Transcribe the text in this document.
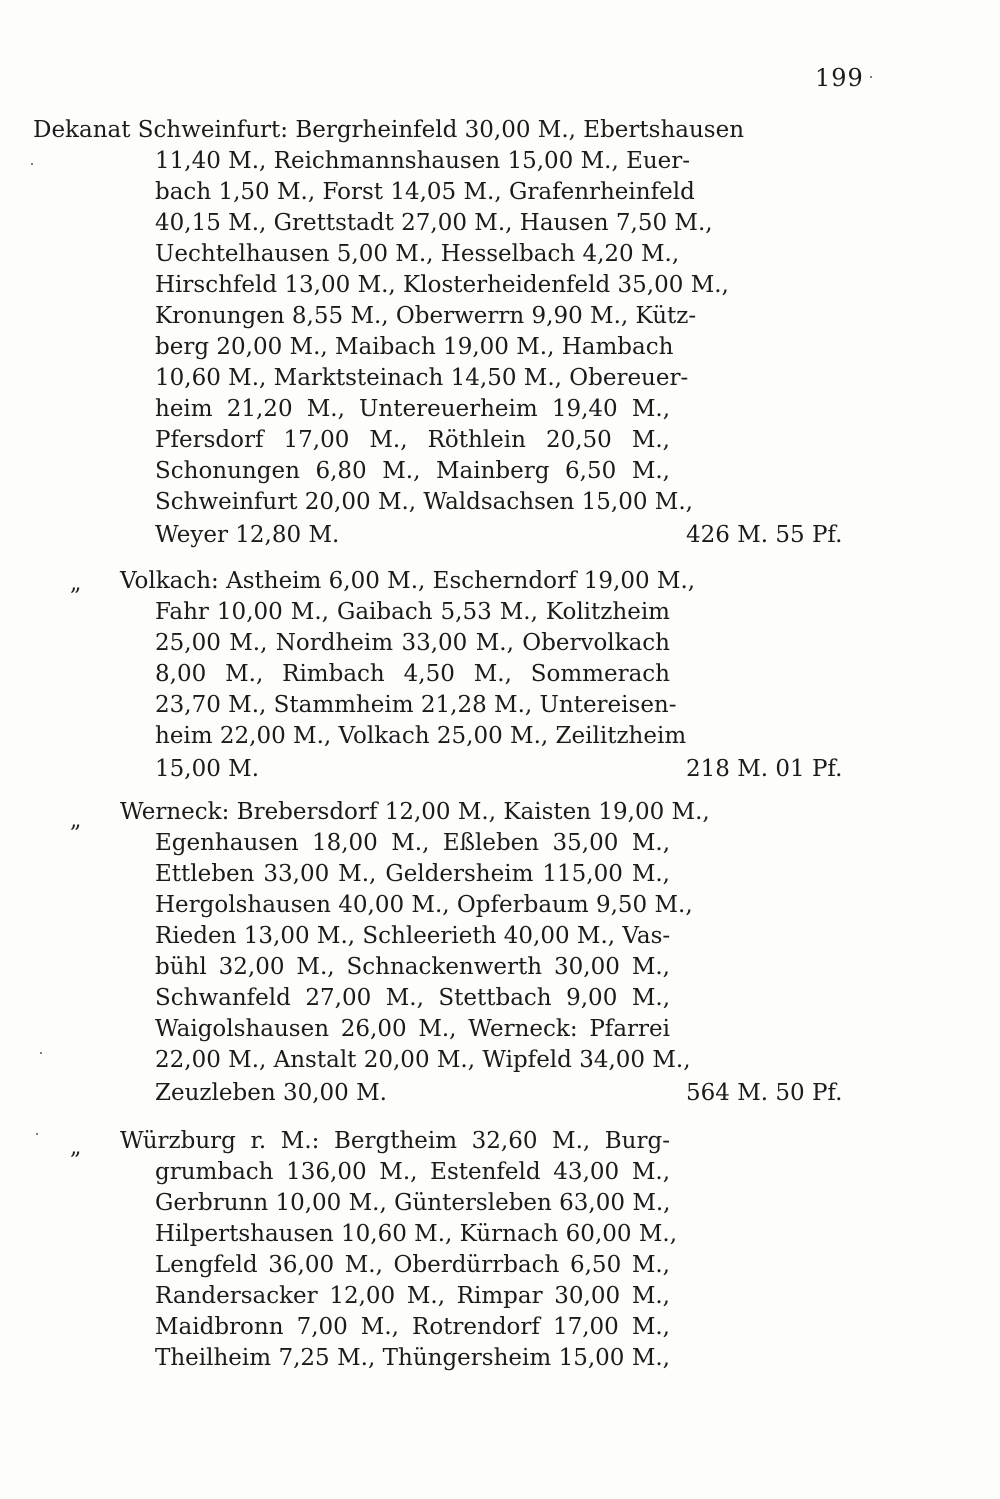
199
Dekanat Schweinfurt: Bergrheinfeld 30,00 M., Ebertshausen
11,40 M., Reichmannshausen 15,00 M., Euer-
bach 1,50 M., Forst 14,05 M., Grafenrheinfeld
40,15 M., Grettstadt 27,00 M., Hausen 7,50 M.,
Uechtelhausen 5,00 M., Hesselbach 4,20 M.,
Hirschfeld 13,00 M., Klosterheidenfeld 35,00 M.,
Kronungen 8,55 M., Oberwerrn 9,90 M., Kütz-
berg 20,00 M., Maibach 19,00 M., Hambach
10,60 M., Marktsteinach 14,50 M., Obereuer-
heim 21,20 M., Untereuerheim 19,40 M.,
Pfersdorf 17,00 M., Röthlein 20,50 M.,
Schonungen 6,80 M., Mainberg 6,50 M.,
Schweinfurt 20,00 M., Waldsachsen 15,00 M.,
Weyer 12,80 M.	426 M. 55 Pf.
„ Volkach: Astheim 6,00 M., Escherndorf 19,00 M.,
Fahr 10,00 M., Gaibach 5,53 M., Kolitzheim
25,00 M., Nordheim 33,00 M., Obervolkach
8,00 M., Rimbach 4,50 M., Sommerach
23,70 M., Stammheim 21,28 M., Untereisen-
heim 22,00 M., Volkach 25,00 M., Zeilitzheim
15,00 M.	218 M. 01 Pf.
„ Werneck: Brebersdorf 12,00 M., Kaisten 19,00 M.,
Egenhausen 18,00 M., Eßleben 35,00 M.,
Ettleben 33,00 M., Geldersheim 115,00 M.,
Hergolshausen 40,00 M., Opferbaum 9,50 M.,
Rieden 13,00 M., Schleerieth 40,00 M., Vas-
bühl 32,00 M., Schnackenwerth 30,00 M.,
Schwanfeld 27,00 M., Stettbach 9,00 M.,
Waigolshausen 26,00 M., Werneck: Pfarrei
22,00 M., Anstalt 20,00 M., Wipfeld 34,00 M.,
Zeuzleben 30,00 M.	564 M. 50 Pf.
„ Würzburg r. M.: Bergtheim 32,60 M., Burg-
grumbach 136,00 M., Estenfeld 43,00 M.,
Gerbrunn 10,00 M., Güntersleben 63,00 M.,
Hilpertshausen 10,60 M., Kürnach 60,00 M.,
Lengfeld 36,00 M., Oberdürrbach 6,50 M.,
Randersacker 12,00 M., Rimpar 30,00 M.,
Maidbronn 7,00 M., Rotrendorf 17,00 M.,
Theilheim 7,25 M., Thüngersheim 15,00 M.,
